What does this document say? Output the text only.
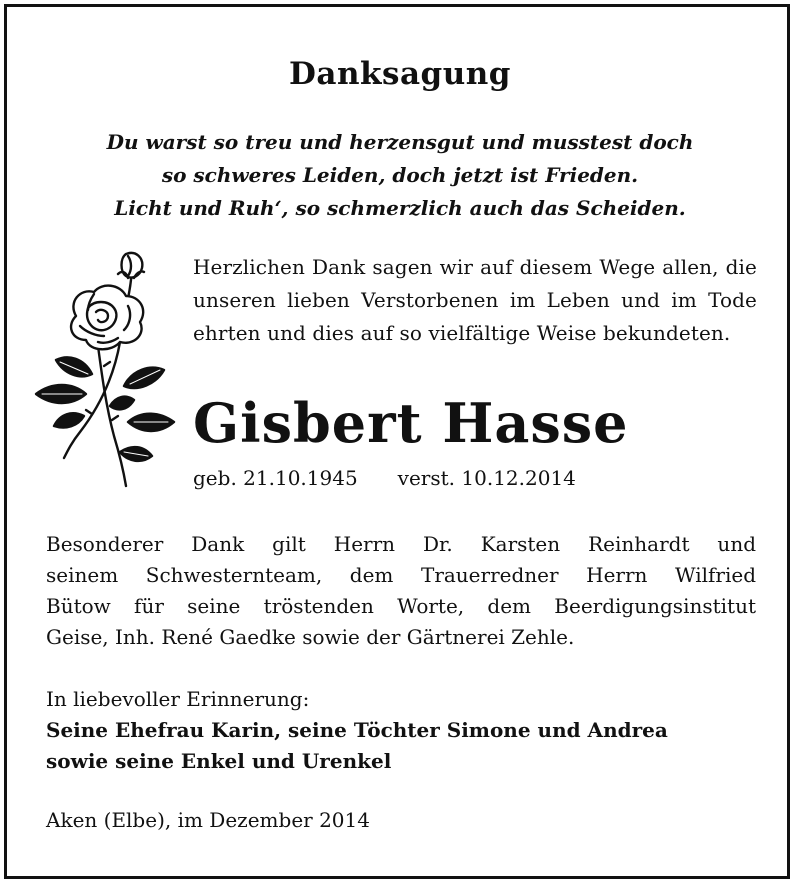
Danksagung
Du warst so treu und herzensgut und musstest doch
so schweres Leiden, doch jetzt ist Frieden.
Licht und Ruh‘, so schmerzlich auch das Scheiden.
Herzlichen Dank sagen wir auf diesem Wege allen, die unseren lieben Verstorbenen im Leben und im Tode ehrten und dies auf so vielfältige Weise bekundeten.
Gisbert Hasse
geb. 21.10.1945 verst. 10.12.2014
Besonderer Dank gilt Herrn Dr. Karsten Reinhardt und
seinem Schwesternteam, dem Trauerredner Herrn Wilfried
Bütow für seine tröstenden Worte, dem Beerdigungsinstitut
Geise, Inh. René Gaedke sowie der Gärtnerei Zehle.
In liebevoller Erinnerung:
Seine Ehefrau Karin, seine Töchter Simone und Andrea
sowie seine Enkel und Urenkel
Aken (Elbe), im Dezember 2014
